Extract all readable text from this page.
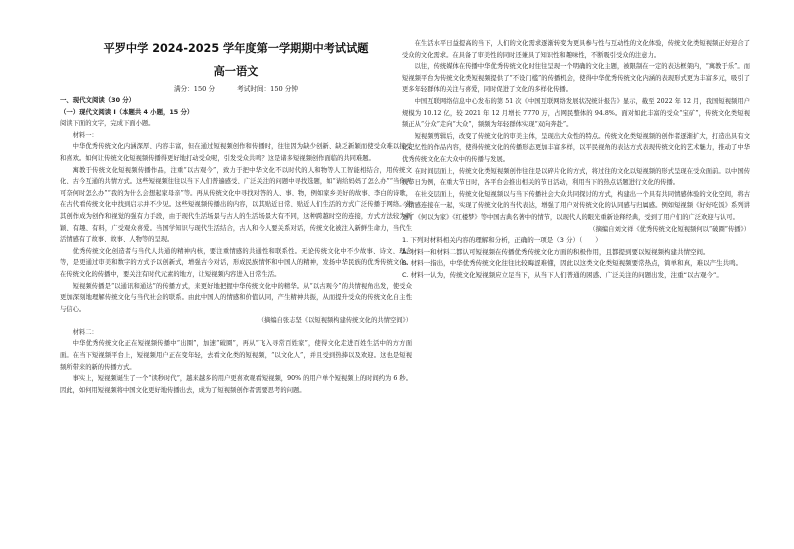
平罗中学 2024-2025 学年度第一学期期中考试试题
高一语文
满分：150 分	考试时间：150 分钟

一、现代文阅读（30 分）

（一）现代文阅读 I（本题共 4 小题，15 分）

阅读下面的文字，完成下面小题。

材料一：

中华优秀传统文化内涵深厚、内容丰富，但在通过短视频创作和传播时，往往因为缺少创新、缺乏新颖而使受众难以接受和喜欢。如何让传统文化短视频传播得更好地打动受众呢，引发受众共鸣？这是诸多短视频创作面临的共同难题。

寓教于传统文化短视频传播作品，注重“以古观今”，致力于把中华文化不以时代的人和物等人工智能相结合，用传统文化、古今互通的共情方式。这些短视频往往以当下人们普遍感受、广泛关注的问题中寻找选题，如“请给妈妈了怎么办”“当你无可奈何时怎么办”“我的为什么会想起家母亲”等。再从传统文化中寻找对答的人、事、物，例如家乡美好的故事、李白的诗歌，在古代看传统文化中找到启示并不少见。这些短视频传播出的内容，以其贴近日常、贴近人们生活的方式广泛传播于网络。使其创作成为创作和视觉的强有力手段，由于现代生活场景与古人的生活场景大有不同，这种跨越时空的连接，方式方法较为新颖、有趣、有料，广受观众喜爱。当国学知识与现代生活结合，古人和今人要关系对话，传统文化被注入新鲜生命力，当代生活情感有了故事、故事、人物等的呈现。

优秀传统文化创造者与当代人共通的精神内核，要注重情感的共通性和联系性。无论传统文化中不少故事、诗文、理念等，是更通过审美和数字的方式予以创新式，增强古今对话，形成民族情怀和中国人的精神，发扬中华民族的优秀传统文化。在传统文化的传播中，要关注有时代元素的地方，让短视频内容进入日常生活。

短视频传播是“以通讯和通达”的传播方式，来更好地把握中华传统文化中的精华。从“以古观今”的共情视角出发，使受众更加深刻地理解传统文化与当代社会的联系。由此中国人的情感和价值认同，产生精神共振，从而提升受众的传统文化自主性与信心。

（摘编自张志坚《以短视频构建传统文化的共情空间》）

材料二：

中华优秀传统文化正在短视频传播中“出圈”，加速“破圈”，再从“飞入寻常百姓家”，使得文化走进百姓生活中的方方面面。在当下短视频平台上，短视频用户正在变年轻，去看文化类的短视频，“以文化人”，并且受到热捧以及欢迎。这也是短视频所带来的新的传播方式。

事实上，短视频诞生了一个“读秒时代”，越来越多的用户更喜欢观看短视频，90% 的用户单个短视频上的时间约为 6 秒。因此，如何用短视频将中国文化更好地传播出去，成为了短视频创作者需要思考的问题。

在生活水平日益提高的当下，人们的文化需求逐渐转变为更具参与性与互动性的文化体验，传统文化类短视频正好迎合了受众的文化需求。在具备了审美性的同时还兼具了知识性和趣味性，不断吸引受众的注意力。

以往，传统媒体在传播中华优秀传统文化时往往呈现一个明确的文化主题，被限制在一定的表达框架内，“寓教于乐”。而短视频平台为传统文化类短视频提供了“不设门槛”的传播机会，使得中华优秀传统文化内涵的表现形式更为丰富多元，吸引了更多年轻群体的关注与喜爱，同时促进了文化的多样化传播。

中国互联网络信息中心发布的第 51 次《中国互联网络发展状况统计报告》显示，截至 2022 年 12 月，我国短视频用户规模为 10.12 亿，较 2021 年 12 月增长 7770 万，占网民整体的 94.8%。面对如此丰富的受众“宝矿”，传统文化类短视频正从“分众”走向“大众”，频频为年轻群体实现“双向奔赴”。

短视频剪辑后，改变了传统文化的审美主体，呈现出大众性的特点。传统文化类短视频的创作者逐渐扩大，打造出具有文化记忆性的作品内容，使得传统文化的传播形态更加丰富多样，以平民视角的表达方式表现传统文化的艺术魅力，推动了中华优秀传统文化在大众中的传播与发展。

在时间层面上，传统文化类短视频创作往往是以碎片化的方式，将过往的文化以短视频的形式呈现在受众面前。以中国传统节日为例，在重大节日时，各平台会推出相关的节日活动，利用当下的热点话题进行文化的传播。

在社交层面上，传统文化短视频以与当下传播社会大众共同探讨的方式，构建出一个具有共同情感体验的文化空间，将古今情感连接在一起，实现了传统文化的当代表达，增强了用户对传统文化的认同感与归属感。例如短视频《好好吃饭》系列讲述了《何以为家》《红楼梦》等中国古典名著中的情节，以现代人的眼光重新诠释经典，受到了用户们的广泛欢迎与认可。

（摘编自刘文祥《优秀传统文化短视频何以“破圈”传播》）

1. 下列对材料相关内容的理解和分析，正确的一项是（3 分）（　　）

A. 材料一和材料二都认可短视频在传播优秀传统文化方面的积极作用，且都提到要以短视频构建共情空间。

B. 材料一指出，中华优秀传统文化往往比较晦涩难懂，因此以这类文化类短视频要常热点，简单和真，难以产生共鸣。

C. 材料一认为，传统文化短视频应立足当下，从当下人们普通的困惑、广泛关注的问题出发，注重“以古观今”。
